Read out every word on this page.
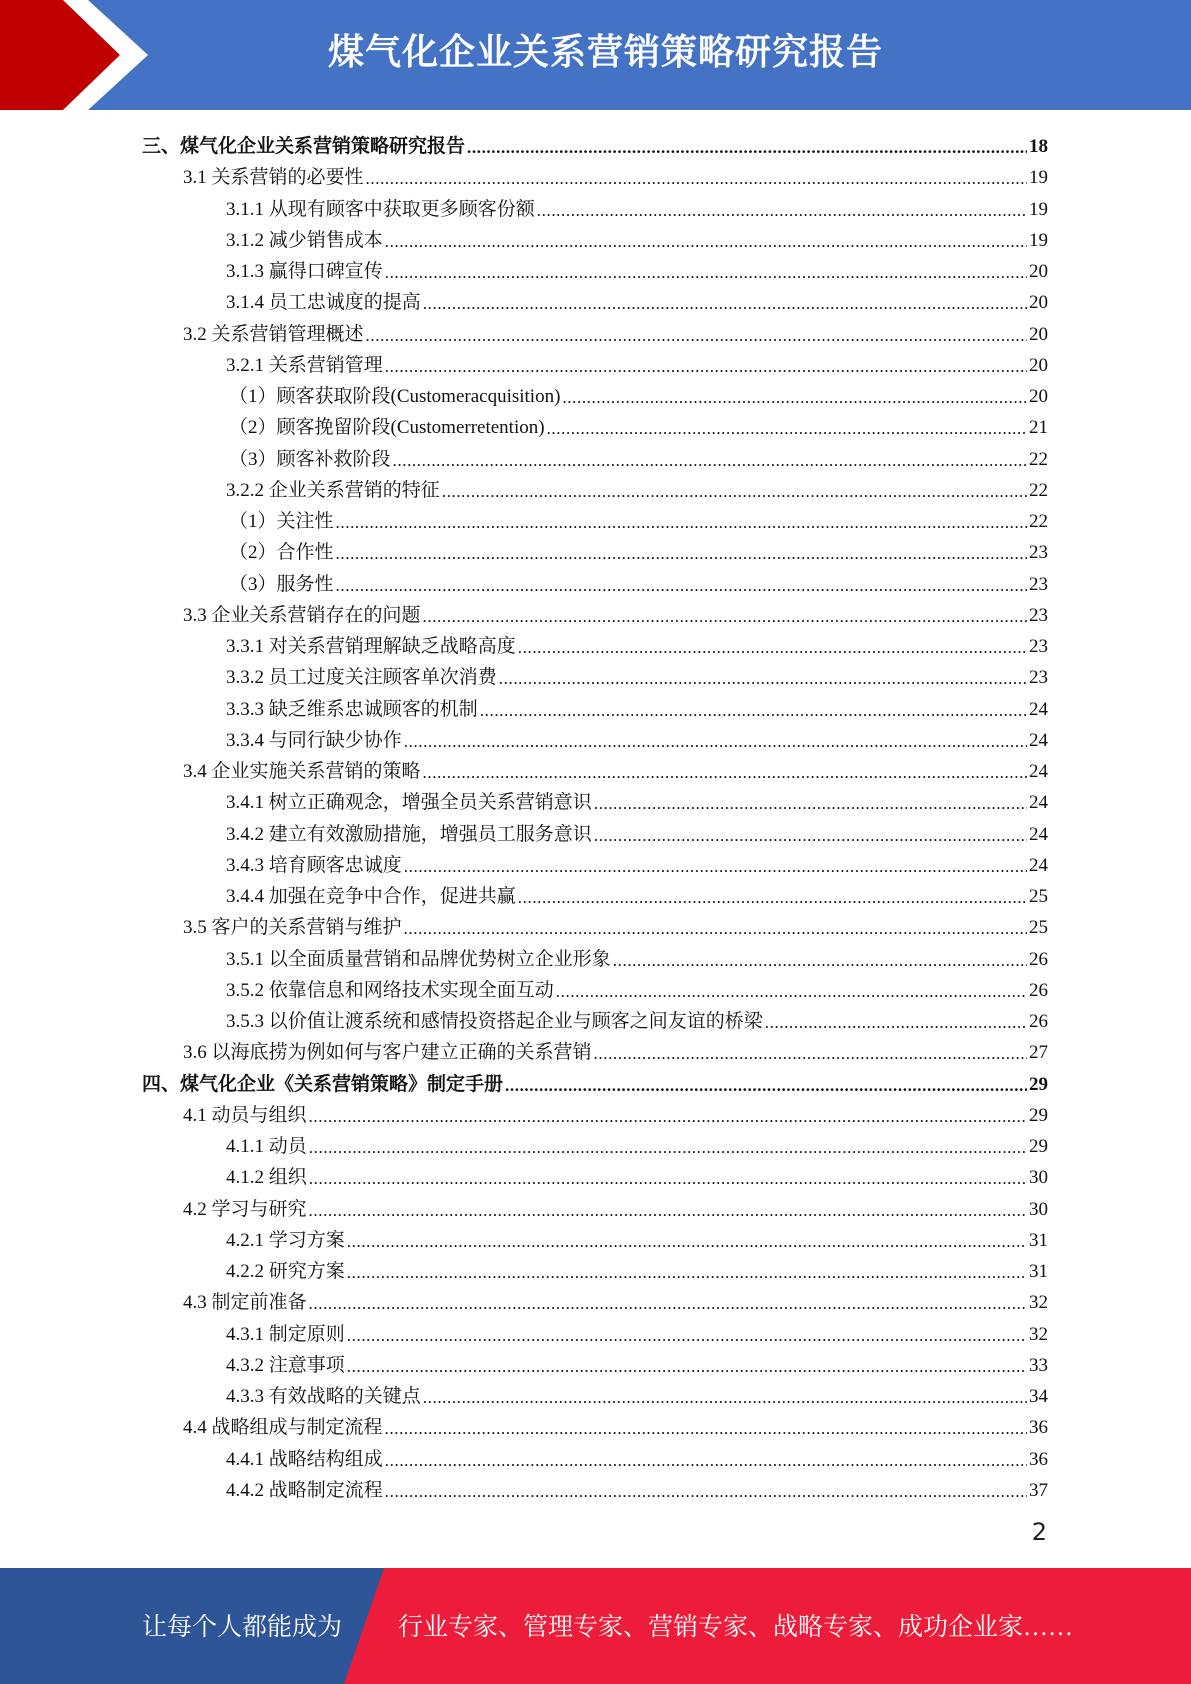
煤气化企业关系营销策略研究报告
三、煤气化企业关系营销策略研究报告 .....	18
3.1 关系营销的必要性 .....	19
3.1.1 从现有顾客中获取更多顾客份额 .....	19
3.1.2 减少销售成本 .....	19
3.1.3 赢得口碑宣传 .....	20
3.1.4 员工忠诚度的提高 .....	20
3.2 关系营销管理概述 .....	20
3.2.1 关系营销管理 .....	20
（1）顾客获取阶段(Customeracquisition) .....	20
（2）顾客挽留阶段(Customerretention) .....	21
（3）顾客补救阶段 .....	22
3.2.2 企业关系营销的特征 .....	22
（1）关注性 .....	22
（2）合作性 .....	23
（3）服务性 .....	23
3.3 企业关系营销存在的问题 .....	23
3.3.1 对关系营销理解缺乏战略高度 .....	23
3.3.2 员工过度关注顾客单次消费 .....	23
3.3.3 缺乏维系忠诚顾客的机制 .....	24
3.3.4 与同行缺少协作 .....	24
3.4 企业实施关系营销的策略 .....	24
3.4.1 树立正确观念，增强全员关系营销意识 .....	24
3.4.2 建立有效激励措施，增强员工服务意识 .....	24
3.4.3 培育顾客忠诚度 .....	24
3.4.4 加强在竞争中合作，促进共赢 .....	25
3.5 客户的关系营销与维护 .....	25
3.5.1 以全面质量营销和品牌优势树立企业形象 .....	26
3.5.2 依靠信息和网络技术实现全面互动 .....	26
3.5.3 以价值让渡系统和感情投资搭起企业与顾客之间友谊的桥梁 .....	26
3.6 以海底捞为例如何与客户建立正确的关系营销 .....	27
四、煤气化企业《关系营销策略》制定手册 .....	29
4.1 动员与组织 .....	29
4.1.1 动员 .....	29
4.1.2 组织 .....	30
4.2 学习与研究 .....	30
4.2.1 学习方案 .....	31
4.2.2 研究方案 .....	31
4.3 制定前准备 .....	32
4.3.1 制定原则 .....	32
4.3.2 注意事项 .....	33
4.3.3 有效战略的关键点 .....	34
4.4 战略组成与制定流程 .....	36
4.4.1 战略结构组成 .....	36
4.4.2 战略制定流程 .....	37
2
让每个人都能成为 行业专家、管理专家、营销专家、战略专家、成功企业家……
